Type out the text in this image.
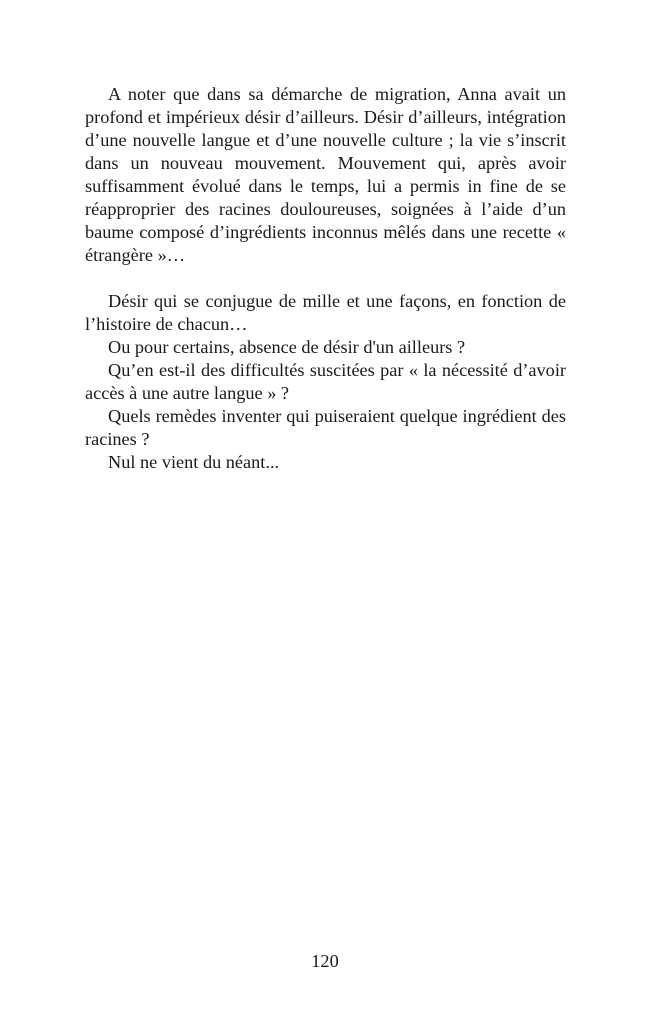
A noter que dans sa démarche de migration, Anna avait un profond et impérieux désir d’ailleurs. Désir d’ailleurs, intégration d’une nouvelle langue et d’une nouvelle culture ; la vie s’inscrit dans un nouveau mouvement. Mouvement qui, après avoir suffisamment évolué dans le temps, lui a permis in fine de se réapproprier des racines douloureuses, soignées à l’aide d’un baume composé d’ingrédients inconnus mêlés dans une recette « étrangère »…

Désir qui se conjugue de mille et une façons, en fonction de l’histoire de chacun…

Ou pour certains, absence de désir d'un ailleurs ?

Qu’en est-il des difficultés suscitées par « la nécessité d’avoir accès à une autre langue » ?

Quels remèdes inventer qui puiseraient quelque ingrédient des racines ?

Nul ne vient du néant...

120
